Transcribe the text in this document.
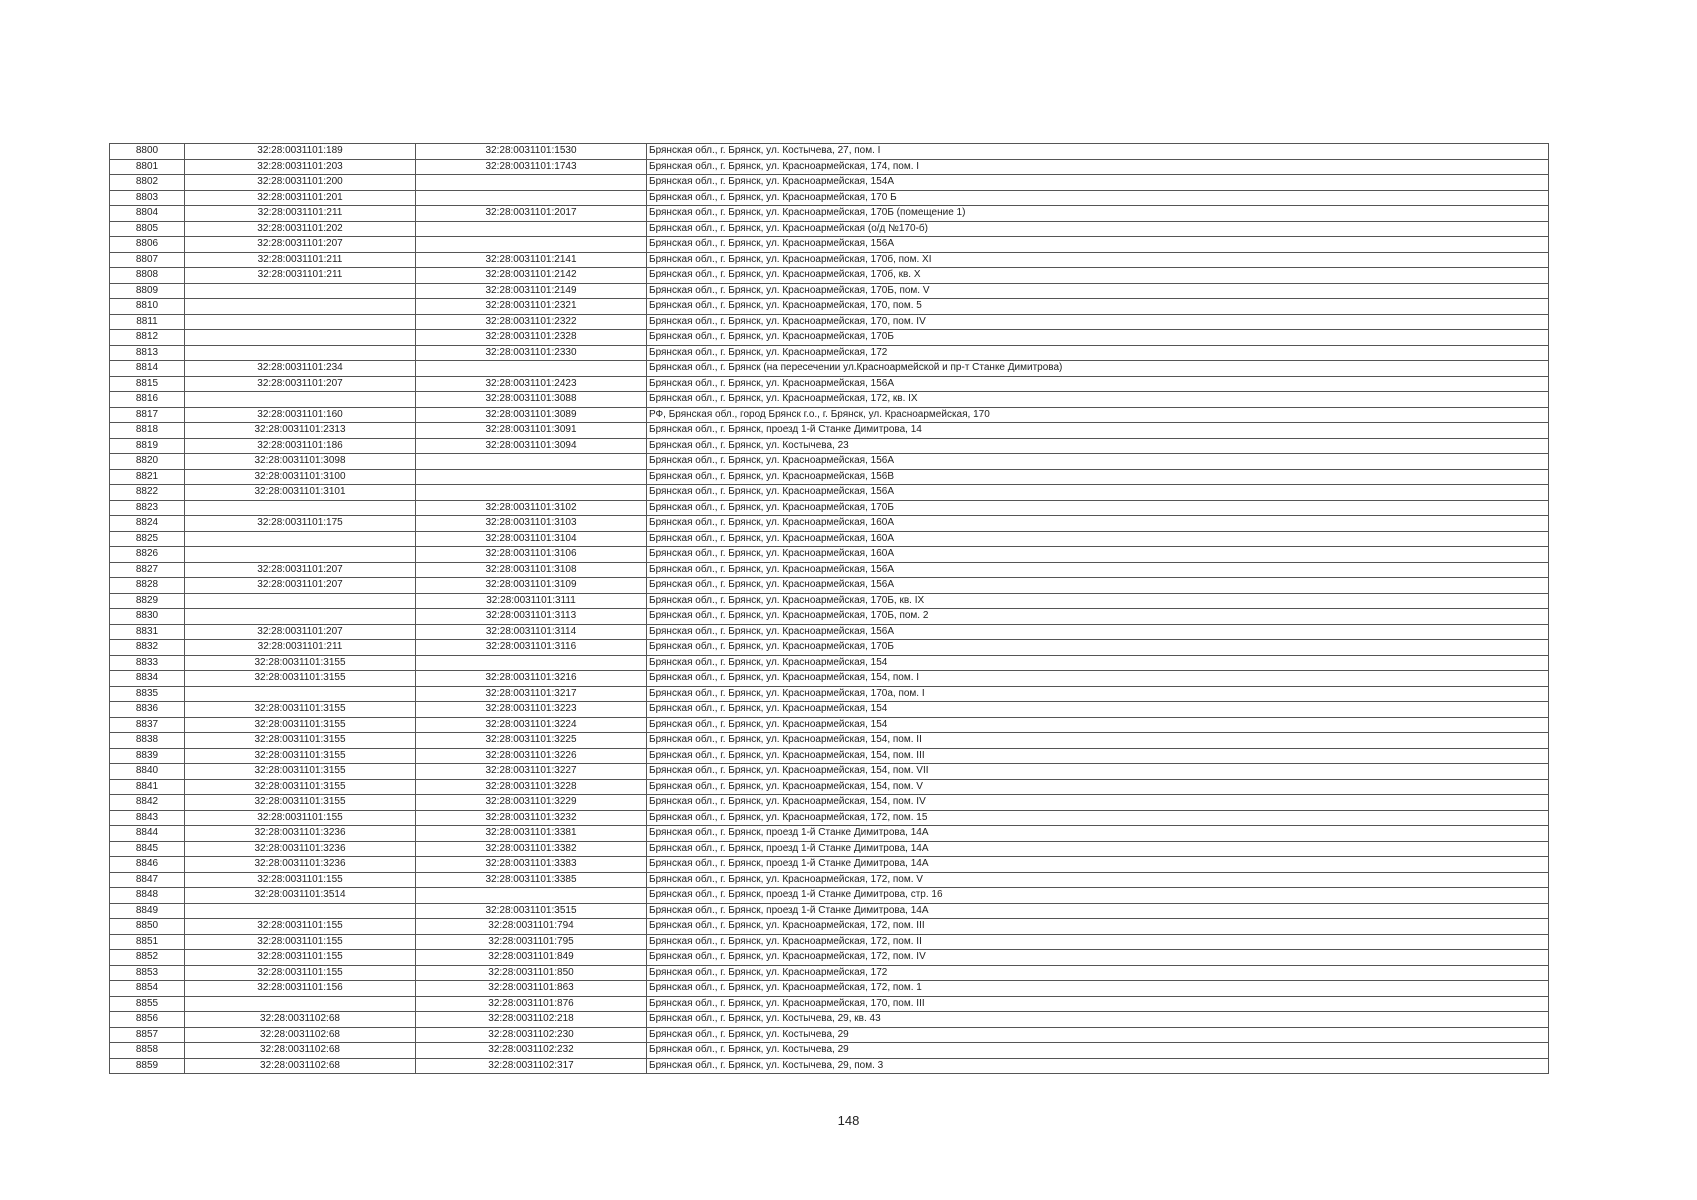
8800	32:28:0031101:189	32:28:0031101:1530	Брянская обл., г. Брянск, ул. Костычева, 27, пом. I
8801	32:28:0031101:203	32:28:0031101:1743	Брянская обл., г. Брянск, ул. Красноармейская, 174, пом. I
8802	32:28:0031101:200		Брянская обл., г. Брянск, ул. Красноармейская, 154А
8803	32:28:0031101:201		Брянская обл., г. Брянск, ул. Красноармейская, 170 Б
8804	32:28:0031101:211	32:28:0031101:2017	Брянская обл., г. Брянск, ул. Красноармейская, 170Б (помещение 1)
8805	32:28:0031101:202		Брянская обл., г. Брянск, ул. Красноармейская (о/д №170-б)
8806	32:28:0031101:207		Брянская обл., г. Брянск, ул. Красноармейская, 156А
8807	32:28:0031101:211	32:28:0031101:2141	Брянская обл., г. Брянск, ул. Красноармейская, 170б, пом. XI
8808	32:28:0031101:211	32:28:0031101:2142	Брянская обл., г. Брянск, ул. Красноармейская, 170б, кв. X
8809		32:28:0031101:2149	Брянская обл., г. Брянск, ул. Красноармейская, 170Б, пом. V
8810		32:28:0031101:2321	Брянская обл., г. Брянск, ул. Красноармейская, 170, пом. 5
8811		32:28:0031101:2322	Брянская обл., г. Брянск, ул. Красноармейская, 170, пом. IV
8812		32:28:0031101:2328	Брянская обл., г. Брянск, ул. Красноармейская, 170Б
8813		32:28:0031101:2330	Брянская обл., г. Брянск, ул. Красноармейская, 172
8814	32:28:0031101:234		Брянская обл., г. Брянск (на пересечении ул.Красноармейской и пр-т Станке Димитрова)
8815	32:28:0031101:207	32:28:0031101:2423	Брянская обл., г. Брянск, ул. Красноармейская, 156А
8816		32:28:0031101:3088	Брянская обл., г. Брянск, ул. Красноармейская, 172, кв. IX
8817	32:28:0031101:160	32:28:0031101:3089	РФ, Брянская обл., город Брянск г.о., г. Брянск, ул. Красноармейская, 170
8818	32:28:0031101:2313	32:28:0031101:3091	Брянская обл., г. Брянск, проезд 1-й Станке Димитрова, 14
8819	32:28:0031101:186	32:28:0031101:3094	Брянская обл., г. Брянск, ул. Костычева, 23
8820	32:28:0031101:3098		Брянская обл., г. Брянск, ул. Красноармейская, 156А
8821	32:28:0031101:3100		Брянская обл., г. Брянск, ул. Красноармейская, 156В
8822	32:28:0031101:3101		Брянская обл., г. Брянск, ул. Красноармейская, 156А
8823		32:28:0031101:3102	Брянская обл., г. Брянск, ул. Красноармейская, 170Б
8824	32:28:0031101:175	32:28:0031101:3103	Брянская обл., г. Брянск, ул. Красноармейская, 160А
8825		32:28:0031101:3104	Брянская обл., г. Брянск, ул. Красноармейская, 160А
8826		32:28:0031101:3106	Брянская обл., г. Брянск, ул. Красноармейская, 160А
8827	32:28:0031101:207	32:28:0031101:3108	Брянская обл., г. Брянск, ул. Красноармейская, 156А
8828	32:28:0031101:207	32:28:0031101:3109	Брянская обл., г. Брянск, ул. Красноармейская, 156А
8829		32:28:0031101:3111	Брянская обл., г. Брянск, ул. Красноармейская, 170Б, кв. IX
8830		32:28:0031101:3113	Брянская обл., г. Брянск, ул. Красноармейская, 170Б, пом. 2
8831	32:28:0031101:207	32:28:0031101:3114	Брянская обл., г. Брянск, ул. Красноармейская, 156А
8832	32:28:0031101:211	32:28:0031101:3116	Брянская обл., г. Брянск, ул. Красноармейская, 170Б
8833	32:28:0031101:3155		Брянская обл., г. Брянск, ул. Красноармейская, 154
8834	32:28:0031101:3155	32:28:0031101:3216	Брянская обл., г. Брянск, ул. Красноармейская, 154, пом. I
8835		32:28:0031101:3217	Брянская обл., г. Брянск, ул. Красноармейская, 170а, пом. I
8836	32:28:0031101:3155	32:28:0031101:3223	Брянская обл., г. Брянск, ул. Красноармейская, 154
8837	32:28:0031101:3155	32:28:0031101:3224	Брянская обл., г. Брянск, ул. Красноармейская, 154
8838	32:28:0031101:3155	32:28:0031101:3225	Брянская обл., г. Брянск, ул. Красноармейская, 154, пом. II
8839	32:28:0031101:3155	32:28:0031101:3226	Брянская обл., г. Брянск, ул. Красноармейская, 154, пом. III
8840	32:28:0031101:3155	32:28:0031101:3227	Брянская обл., г. Брянск, ул. Красноармейская, 154, пом. VII
8841	32:28:0031101:3155	32:28:0031101:3228	Брянская обл., г. Брянск, ул. Красноармейская, 154, пом. V
8842	32:28:0031101:3155	32:28:0031101:3229	Брянская обл., г. Брянск, ул. Красноармейская, 154, пом. IV
8843	32:28:0031101:155	32:28:0031101:3232	Брянская обл., г. Брянск, ул. Красноармейская, 172, пом. 15
8844	32:28:0031101:3236	32:28:0031101:3381	Брянская обл., г. Брянск, проезд 1-й Станке Димитрова, 14А
8845	32:28:0031101:3236	32:28:0031101:3382	Брянская обл., г. Брянск, проезд 1-й Станке Димитрова, 14А
8846	32:28:0031101:3236	32:28:0031101:3383	Брянская обл., г. Брянск, проезд 1-й Станке Димитрова, 14А
8847	32:28:0031101:155	32:28:0031101:3385	Брянская обл., г. Брянск, ул. Красноармейская, 172, пом. V
8848	32:28:0031101:3514		Брянская обл., г. Брянск, проезд 1-й Станке Димитрова, стр. 16
8849		32:28:0031101:3515	Брянская обл., г. Брянск, проезд 1-й Станке Димитрова, 14А
8850	32:28:0031101:155	32:28:0031101:794	Брянская обл., г. Брянск, ул. Красноармейская, 172, пом. III
8851	32:28:0031101:155	32:28:0031101:795	Брянская обл., г. Брянск, ул. Красноармейская, 172, пом. II
8852	32:28:0031101:155	32:28:0031101:849	Брянская обл., г. Брянск, ул. Красноармейская, 172, пом. IV
8853	32:28:0031101:155	32:28:0031101:850	Брянская обл., г. Брянск, ул. Красноармейская, 172
8854	32:28:0031101:156	32:28:0031101:863	Брянская обл., г. Брянск, ул. Красноармейская, 172, пом. 1
8855		32:28:0031101:876	Брянская обл., г. Брянск, ул. Красноармейская, 170, пом. III
8856	32:28:0031102:68	32:28:0031102:218	Брянская обл., г. Брянск, ул. Костычева, 29, кв. 43
8857	32:28:0031102:68	32:28:0031102:230	Брянская обл., г. Брянск, ул. Костычева, 29
8858	32:28:0031102:68	32:28:0031102:232	Брянская обл., г. Брянск, ул. Костычева, 29
8859	32:28:0031102:68	32:28:0031102:317	Брянская обл., г. Брянск, ул. Костычева, 29, пом. 3
148
